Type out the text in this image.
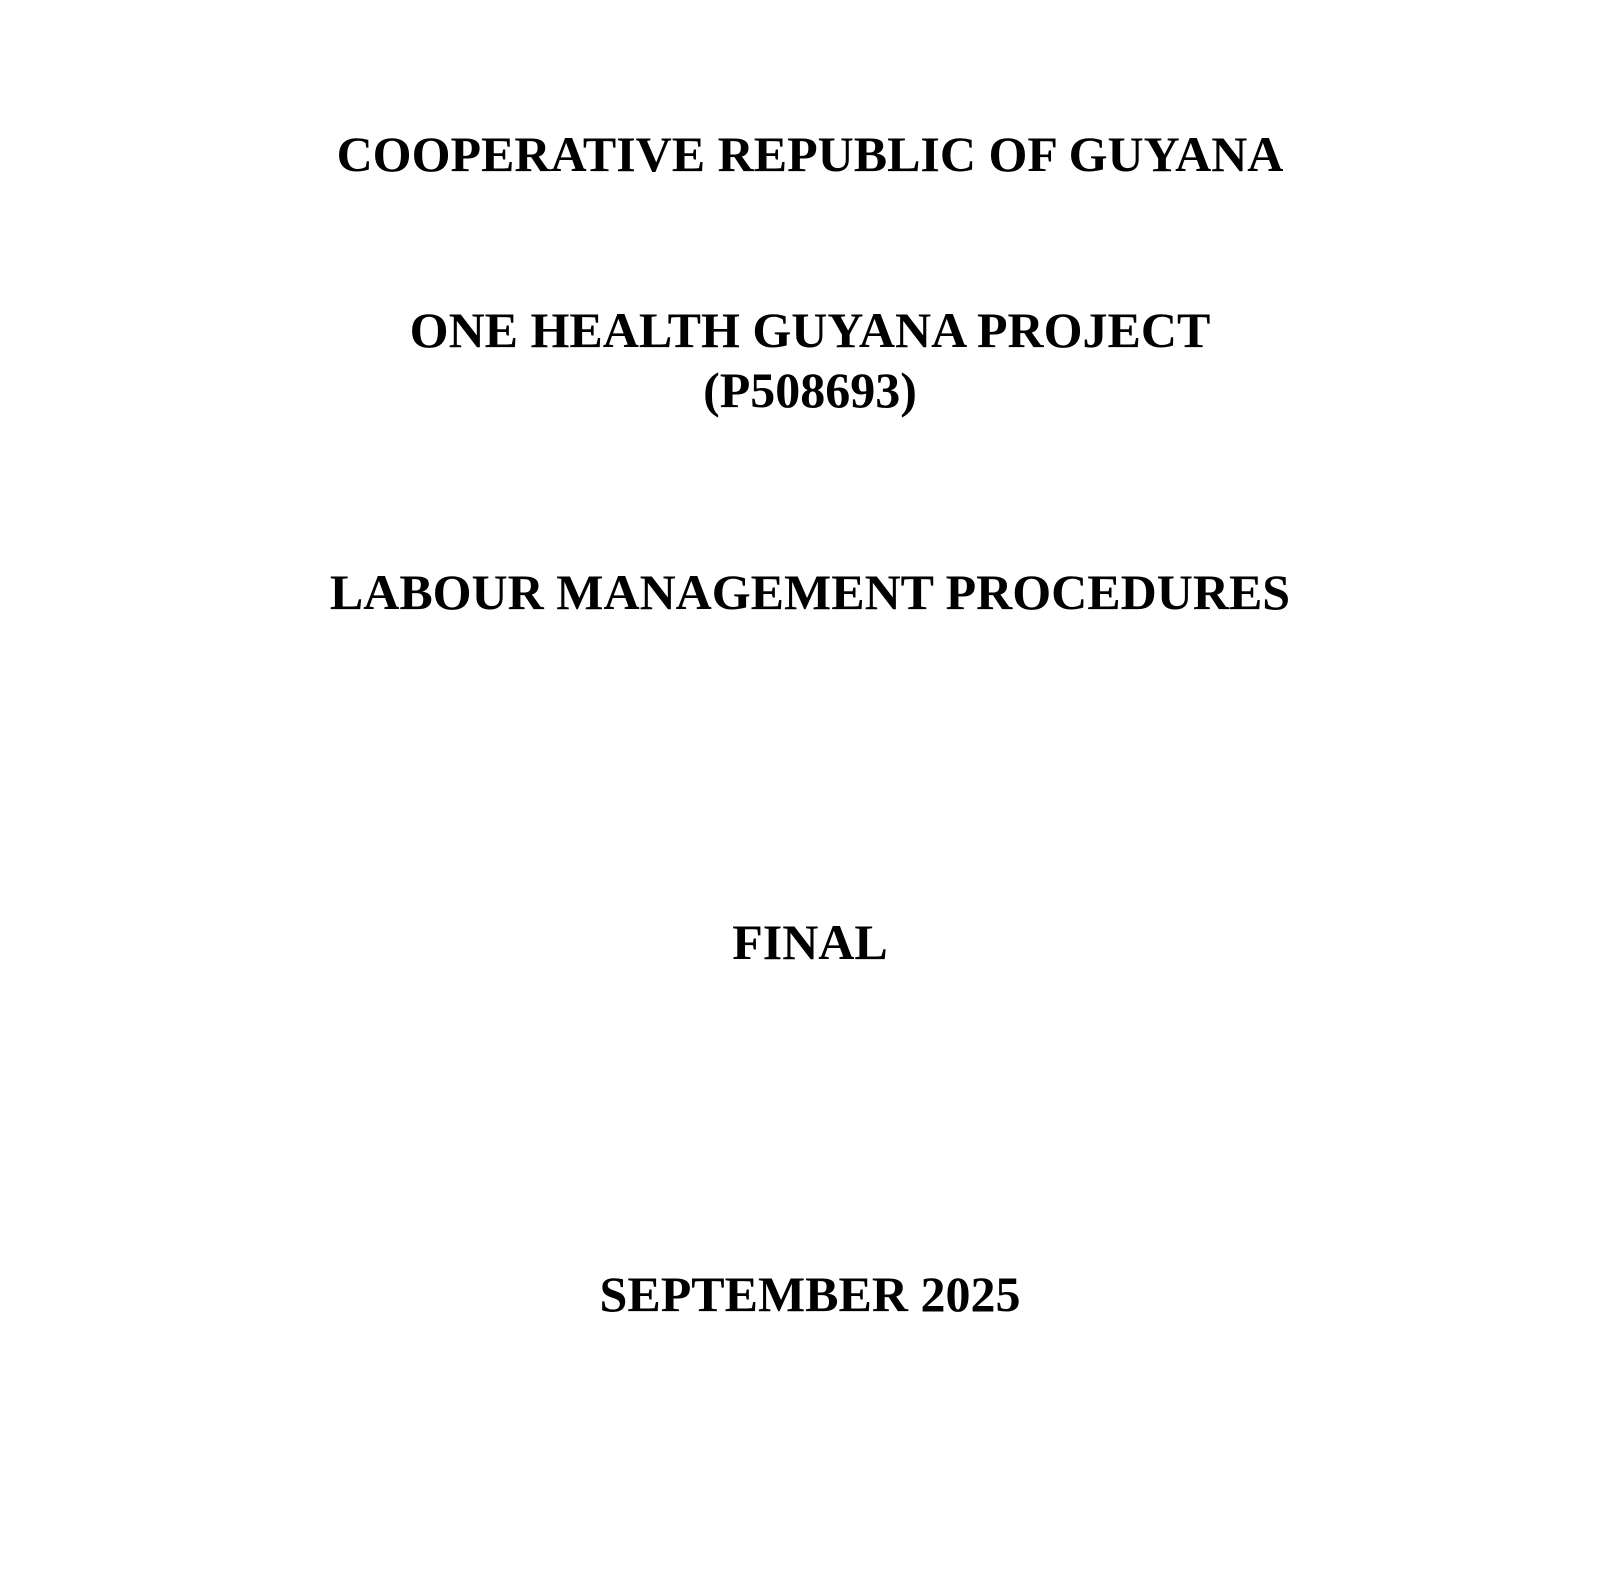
COOPERATIVE REPUBLIC OF GUYANA
ONE HEALTH GUYANA PROJECT
(P508693)
LABOUR MANAGEMENT PROCEDURES
FINAL
SEPTEMBER 2025
